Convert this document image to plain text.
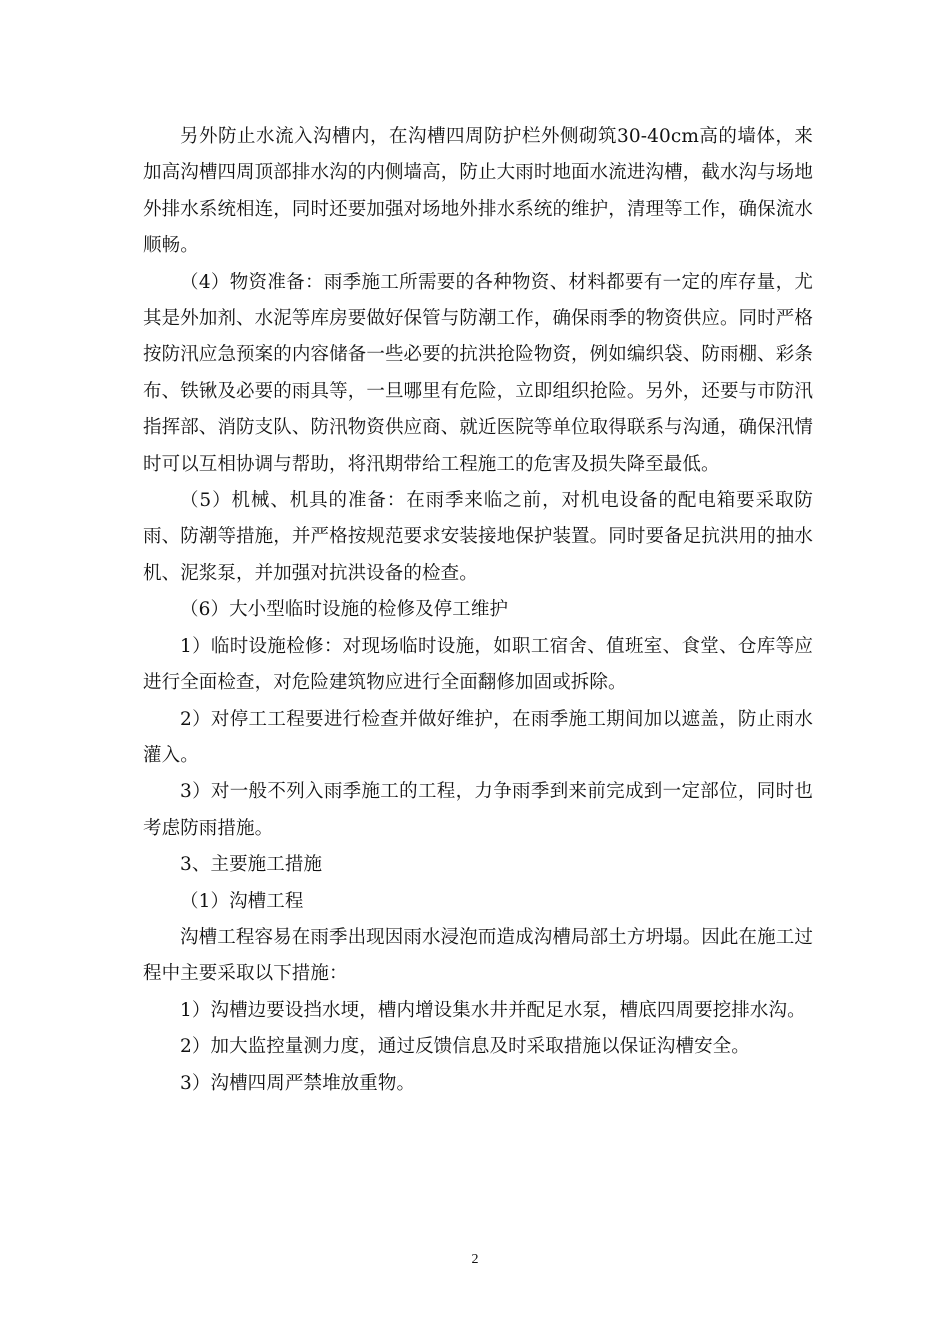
另外防止水流入沟槽内，在沟槽四周防护栏外侧砌筑30-40cm高的墙体，来加高沟槽四周顶部排水沟的内侧墙高，防止大雨时地面水流进沟槽，截水沟与场地外排水系统相连，同时还要加强对场地外排水系统的维护，清理等工作，确保流水顺畅。

（4）物资准备：雨季施工所需要的各种物资、材料都要有一定的库存量，尤其是外加剂、水泥等库房要做好保管与防潮工作，确保雨季的物资供应。同时严格按防汛应急预案的内容储备一些必要的抗洪抢险物资，例如编织袋、防雨棚、彩条布、铁锹及必要的雨具等，一旦哪里有危险，立即组织抢险。另外，还要与市防汛指挥部、消防支队、防汛物资供应商、就近医院等单位取得联系与沟通，确保汛情时可以互相协调与帮助，将汛期带给工程施工的危害及损失降至最低。

（5）机械、机具的准备：在雨季来临之前，对机电设备的配电箱要采取防雨、防潮等措施，并严格按规范要求安装接地保护装置。同时要备足抗洪用的抽水机、泥浆泵，并加强对抗洪设备的检查。

（6）大小型临时设施的检修及停工维护

1）临时设施检修：对现场临时设施，如职工宿舍、值班室、食堂、仓库等应进行全面检查，对危险建筑物应进行全面翻修加固或拆除。

2）对停工工程要进行检查并做好维护，在雨季施工期间加以遮盖，防止雨水灌入。

3）对一般不列入雨季施工的工程，力争雨季到来前完成到一定部位，同时也考虑防雨措施。

3、主要施工措施

（1）沟槽工程

沟槽工程容易在雨季出现因雨水浸泡而造成沟槽局部土方坍塌。因此在施工过程中主要采取以下措施：

1）沟槽边要设挡水埂，槽内增设集水井并配足水泵，槽底四周要挖排水沟。

2）加大监控量测力度，通过反馈信息及时采取措施以保证沟槽安全。

3）沟槽四周严禁堆放重物。

2
